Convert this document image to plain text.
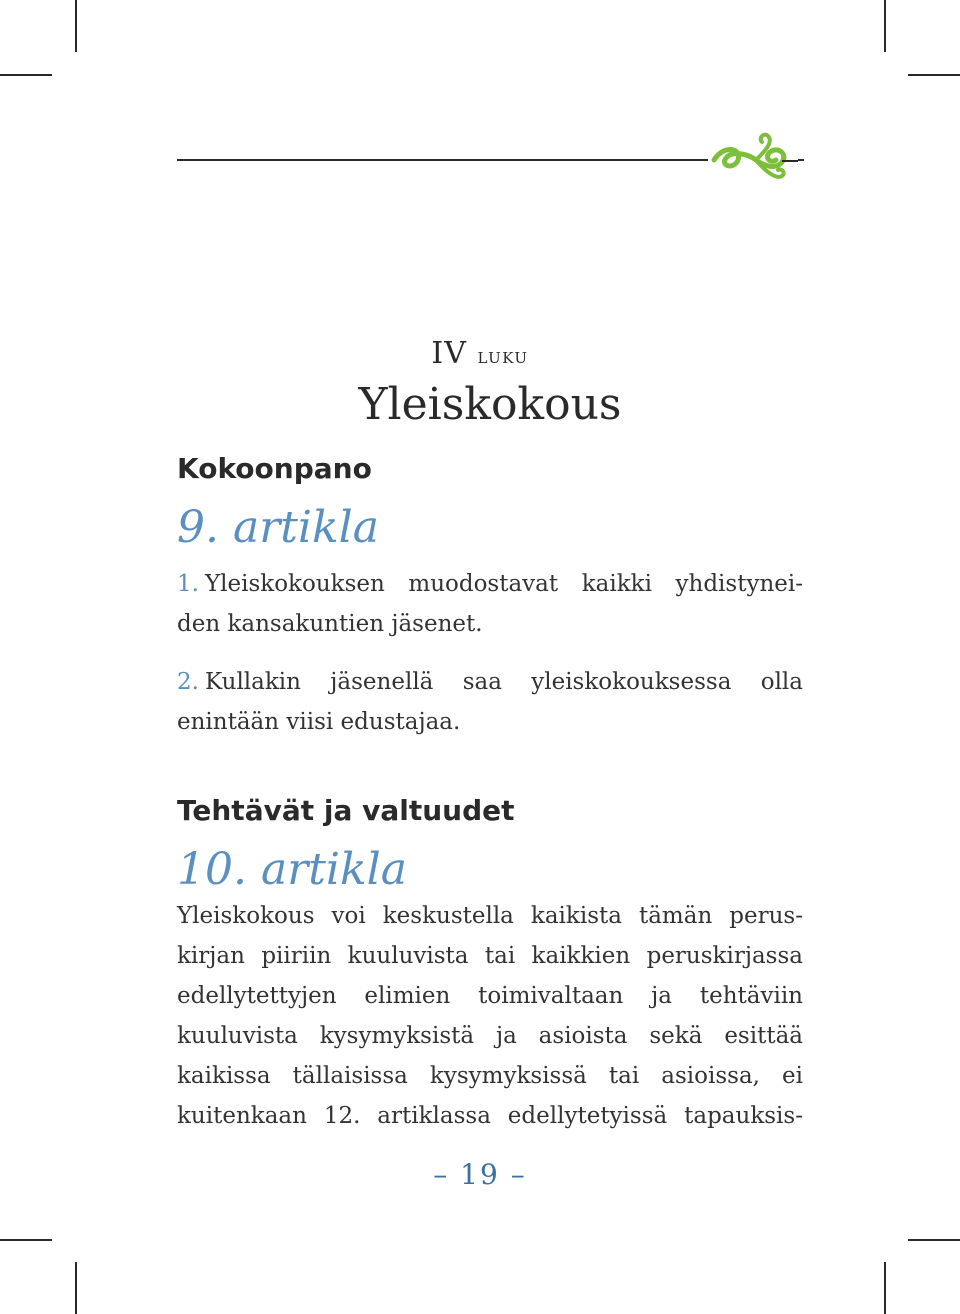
IV luku
Yleiskokous
Kokoonpano
9. artikla
1. Yleiskokouksen muodostavat kaikki yhdistynei-
den kansakuntien jäsenet.
2. Kullakin jäsenellä saa yleiskokouksessa olla
enintään viisi edustajaa.
Tehtävät ja valtuudet
10. artikla
Yleiskokous voi keskustella kaikista tämän perus-
kirjan piiriin kuuluvista tai kaikkien peruskirjassa
edellytettyjen elimien toimivaltaan ja tehtäviin
kuuluvista kysymyksistä ja asioista sekä esittää
kaikissa tällaisissa kysymyksissä tai asioissa, ei
kuitenkaan 12. artiklassa edellytetyissä tapauksis-
– 19 –
